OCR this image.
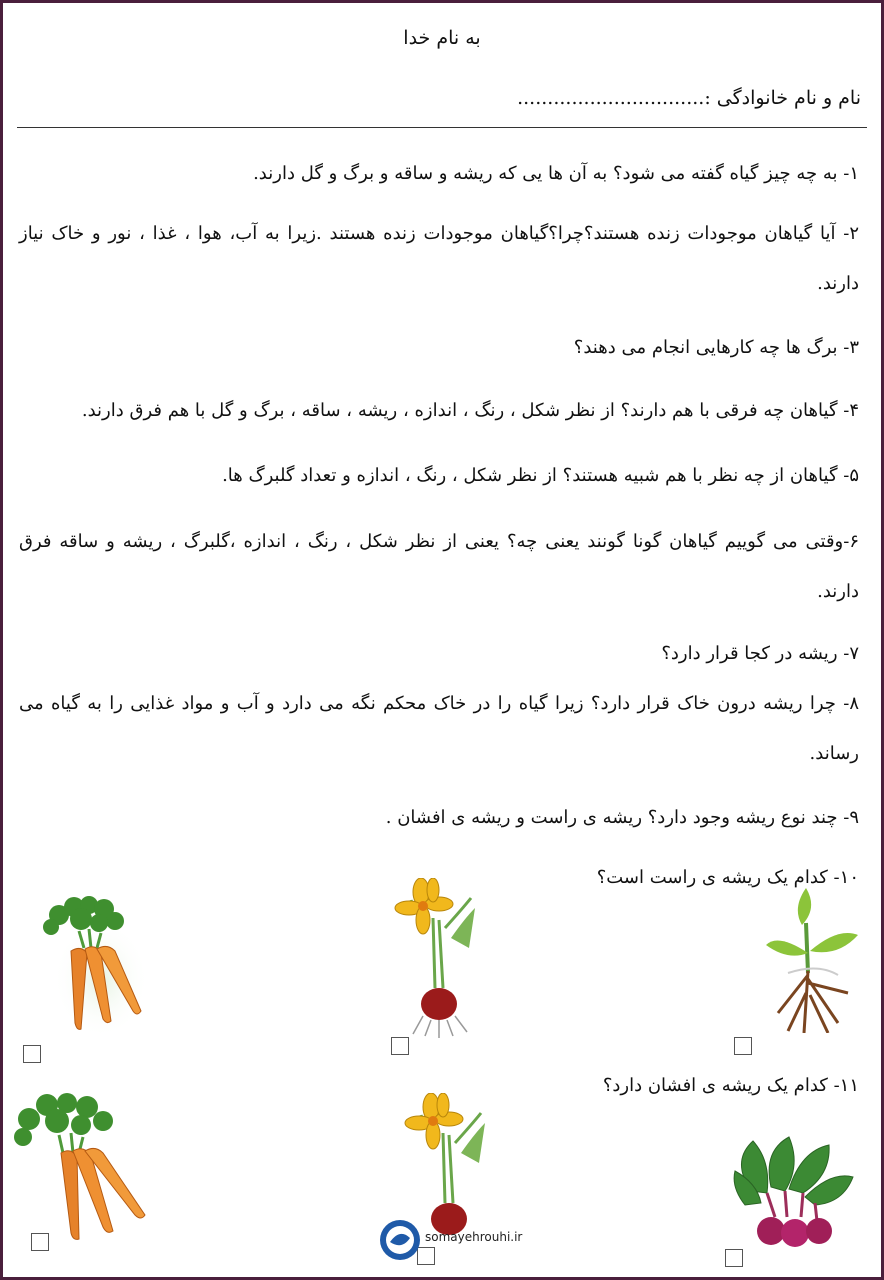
به نام خدا
نام و نام خانوادگی :...............................
۱- به چه چیز گیاه گفته می شود؟ به آن ها یی که ریشه و ساقه و برگ و گل دارند.
۲- آیا گیاهان موجودات زنده هستند؟چرا؟گیاهان موجودات زنده هستند .زیرا به آب، هوا ، غذا ، نور و خاک نیاز دارند.
۳- برگ ها چه کارهایی انجام می دهند؟
۴- گیاهان چه فرقی با هم دارند؟ از نظر شکل ، رنگ ، اندازه ، ریشه ، ساقه ، برگ و گل با هم فرق دارند.
۵- گیاهان از چه نظر با هم شبیه هستند؟ از نظر شکل ، رنگ ، اندازه و تعداد گلبرگ ها.
۶-وقتی می گوییم گیاهان گونا گونند یعنی چه؟ یعنی از نظر شکل ، رنگ ، اندازه ،گلبرگ ، ریشه و ساقه فرق دارند.
۷- ریشه در کجا قرار دارد؟
۸- چرا ریشه درون خاک قرار دارد؟ زیرا گیاه را در خاک محکم نگه می دارد و آب و مواد غذایی را به گیاه می رساند.
۹- چند نوع ریشه وجود دارد؟ ریشه ی راست و ریشه ی افشان .
۱۰- کدام یک ریشه ی راست است؟
۱۱- کدام یک ریشه ی افشان دارد؟
somayehrouhi.ir
